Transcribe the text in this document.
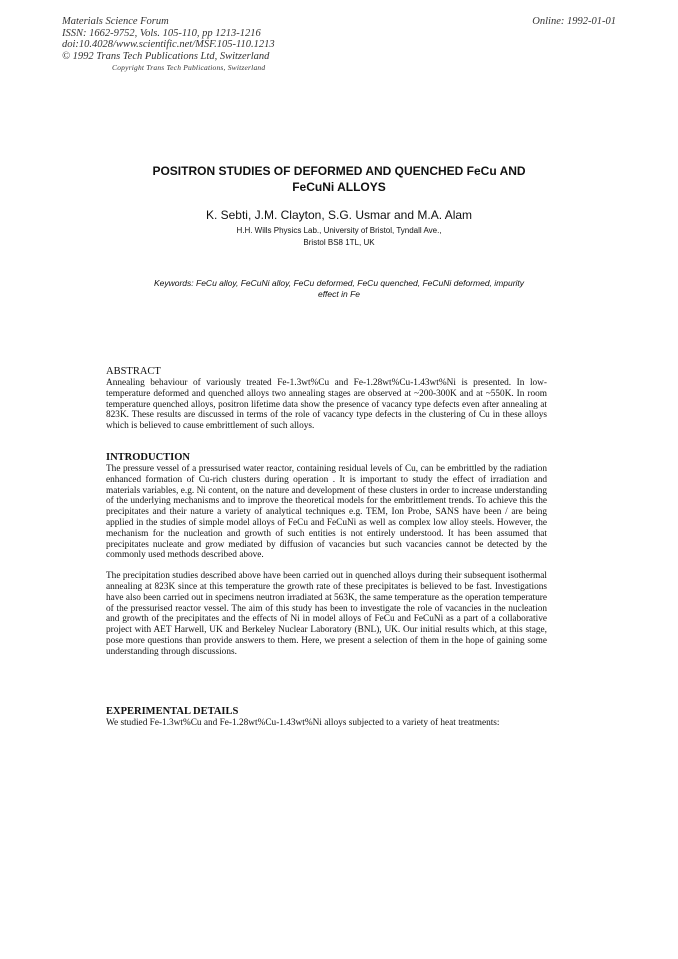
Materials Science Forum
ISSN: 1662-9752, Vols. 105-110, pp 1213-1216
doi:10.4028/www.scientific.net/MSF.105-110.1213
© 1992 Trans Tech Publications Ltd, Switzerland
Online: 1992-01-01
Copyright Trans Tech Publications, Switzerland
POSITRON STUDIES OF DEFORMED AND QUENCHED FeCu AND
FeCuNi ALLOYS
K. Sebti, J.M. Clayton, S.G. Usmar and M.A. Alam
H.H. Wills Physics Lab., University of Bristol, Tyndall Ave.,
Bristol BS8 1TL, UK
Keywords: FeCu alloy, FeCuNi alloy, FeCu deformed, FeCu quenched, FeCuNi deformed, impurity
effect in Fe
ABSTRACT

Annealing behaviour of variously treated Fe-1.3wt%Cu and Fe-1.28wt%Cu-1.43wt%Ni is presented. In low-temperature deformed and quenched alloys two annealing stages are observed at ~200-300K and at ~550K. In room temperature quenched alloys, positron lifetime data show the presence of vacancy type defects even after annealing at 823K. These results are discussed in terms of the role of vacancy type defects in the clustering of Cu in these alloys which is believed to cause embrittlement of such alloys.

INTRODUCTION

The pressure vessel of a pressurised water reactor, containing residual levels of Cu, can be embrittled by the radiation enhanced formation of Cu-rich clusters during operation . It is important to study the effect of irradiation and materials variables, e.g. Ni content, on the nature and development of these clusters in order to increase understanding of the underlying mechanisms and to improve the theoretical models for the embrittlement trends. To achieve this the precipitates and their nature a variety of analytical techniques e.g. TEM, Ion Probe, SANS have been / are being applied in the studies of simple model alloys of FeCu and FeCuNi as well as complex low alloy steels. However, the mechanism for the nucleation and growth of such entities is not entirely understood. It has been assumed that precipitates nucleate and grow mediated by diffusion of vacancies but such vacancies cannot be detected by the commonly used methods described above.

The precipitation studies described above have been carried out in quenched alloys during their subsequent isothermal annealing at 823K since at this temperature the growth rate of these precipitates is believed to be fast. Investigations have also been carried out in specimens neutron irradiated at 563K, the same temperature as the operation temperature of the pressurised reactor vessel. The aim of this study has been to investigate the role of vacancies in the nucleation and growth of the precipitates and the effects of Ni in model alloys of FeCu and FeCuNi as a part of a collaborative project with AET Harwell, UK and Berkeley Nuclear Laboratory (BNL), UK. Our initial results which, at this stage, pose more questions than provide answers to them. Here, we present a selection of them in the hope of gaining some understanding through discussions.

EXPERIMENTAL DETAILS

We studied Fe-1.3wt%Cu and Fe-1.28wt%Cu-1.43wt%Ni alloys subjected to a variety of heat treatments:
